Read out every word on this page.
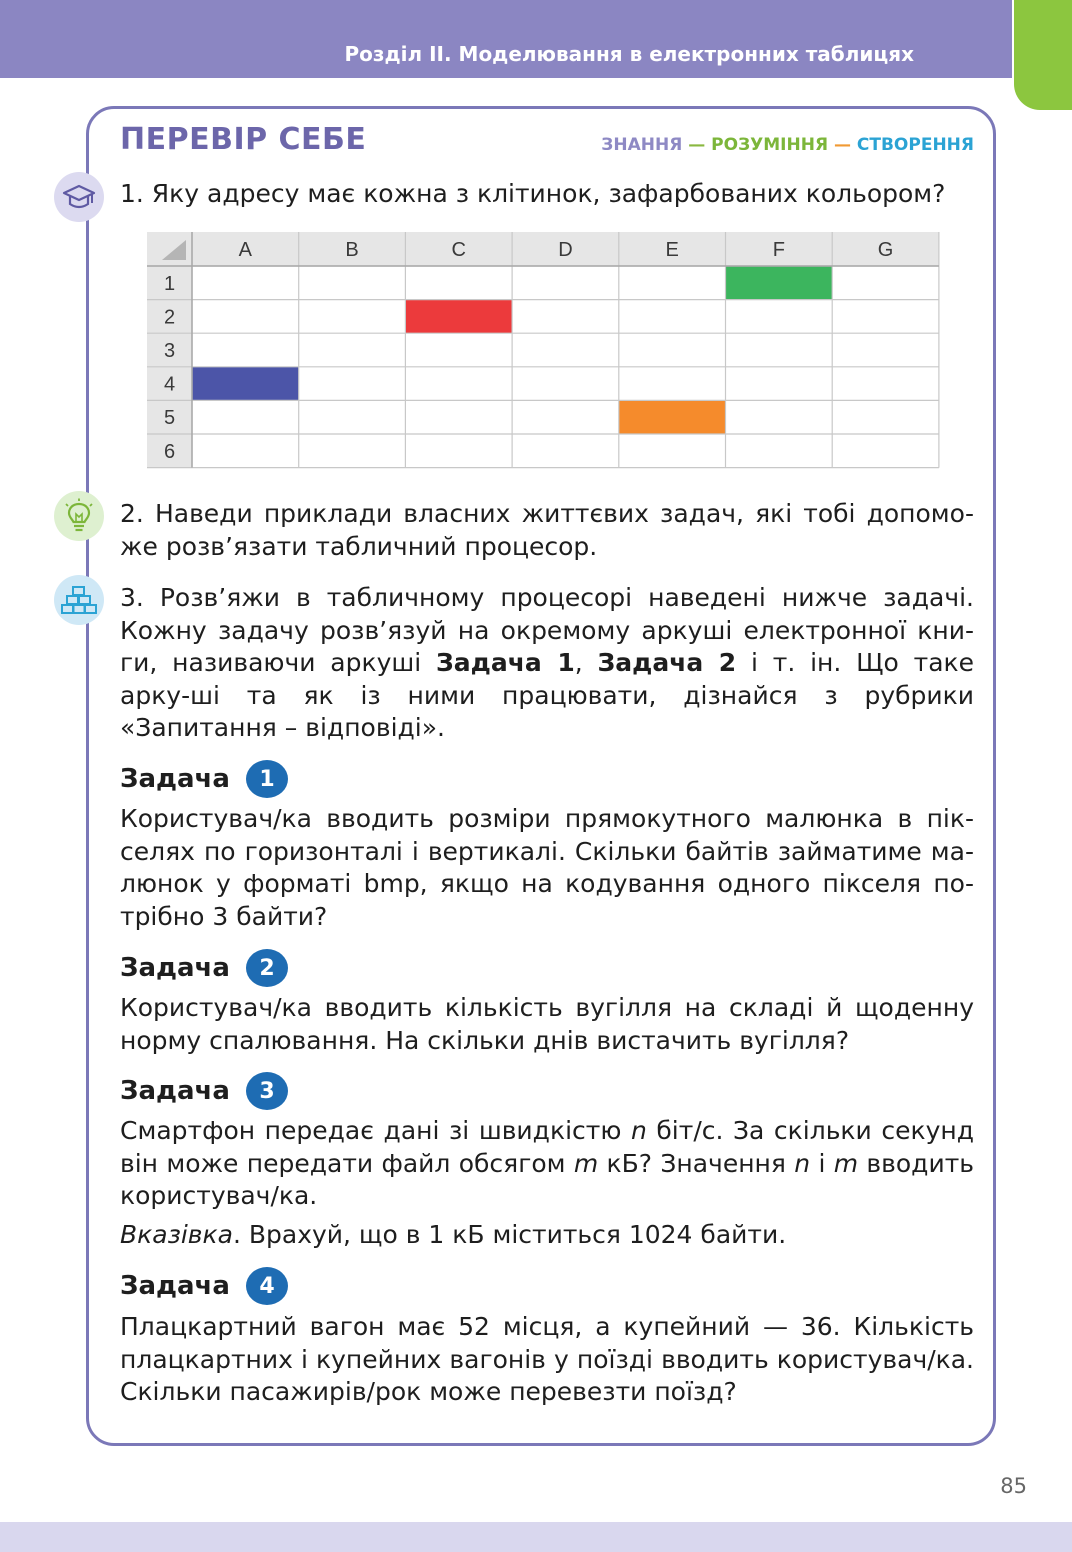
Розділ ІІ. Моделювання в електронних таблицях
ПЕРЕВІР СЕБЕ	ЗНАННЯ — РОЗУМІННЯ — СТВОРЕННЯ
1. Яку адресу має кожна з клітинок, зафарбованих кольором?
A	B	C	D	E	F	G
1
2
3
4
5
6
2. Наведи приклади власних життєвих задач, які тобі допомо-же розв’язати табличний процесор.
3. Розв’яжи в табличному процесорі наведені нижче задачі. Кожну задачу розв’язуй на окремому аркуші електронної кни-ги, називаючи аркуші Задача 1, Задача 2 і т. ін. Що таке арку-ші та як із ними працювати, дізнайся з рубрики «Запитання – відповіді».
Задача	1
Користувач/ка вводить розміри прямокутного малюнка в пік-селях по горизонталі і вертикалі. Скільки байтів займатиме ма-люнок у форматі bmp, якщо на кодування одного пікселя по-трібно 3 байти?
Задача	2
Користувач/ка вводить кількість вугілля на складі й щоденну норму спалювання. На скільки днів вистачить вугілля?
Задача	3
Смартфон передає дані зі швидкістю n біт/с. За скільки секунд він може передати файл обсягом m кБ? Значення n і m вводить користувач/ка.
Вказівка. Врахуй, що в 1 кБ міститься 1024 байти.
Задача	4
Плацкартний вагон має 52 місця, а купейний — 36. Кількість плацкартних і купейних вагонів у поїзді вводить користувач/ка. Скільки пасажирів/рок може перевезти поїзд?
85
